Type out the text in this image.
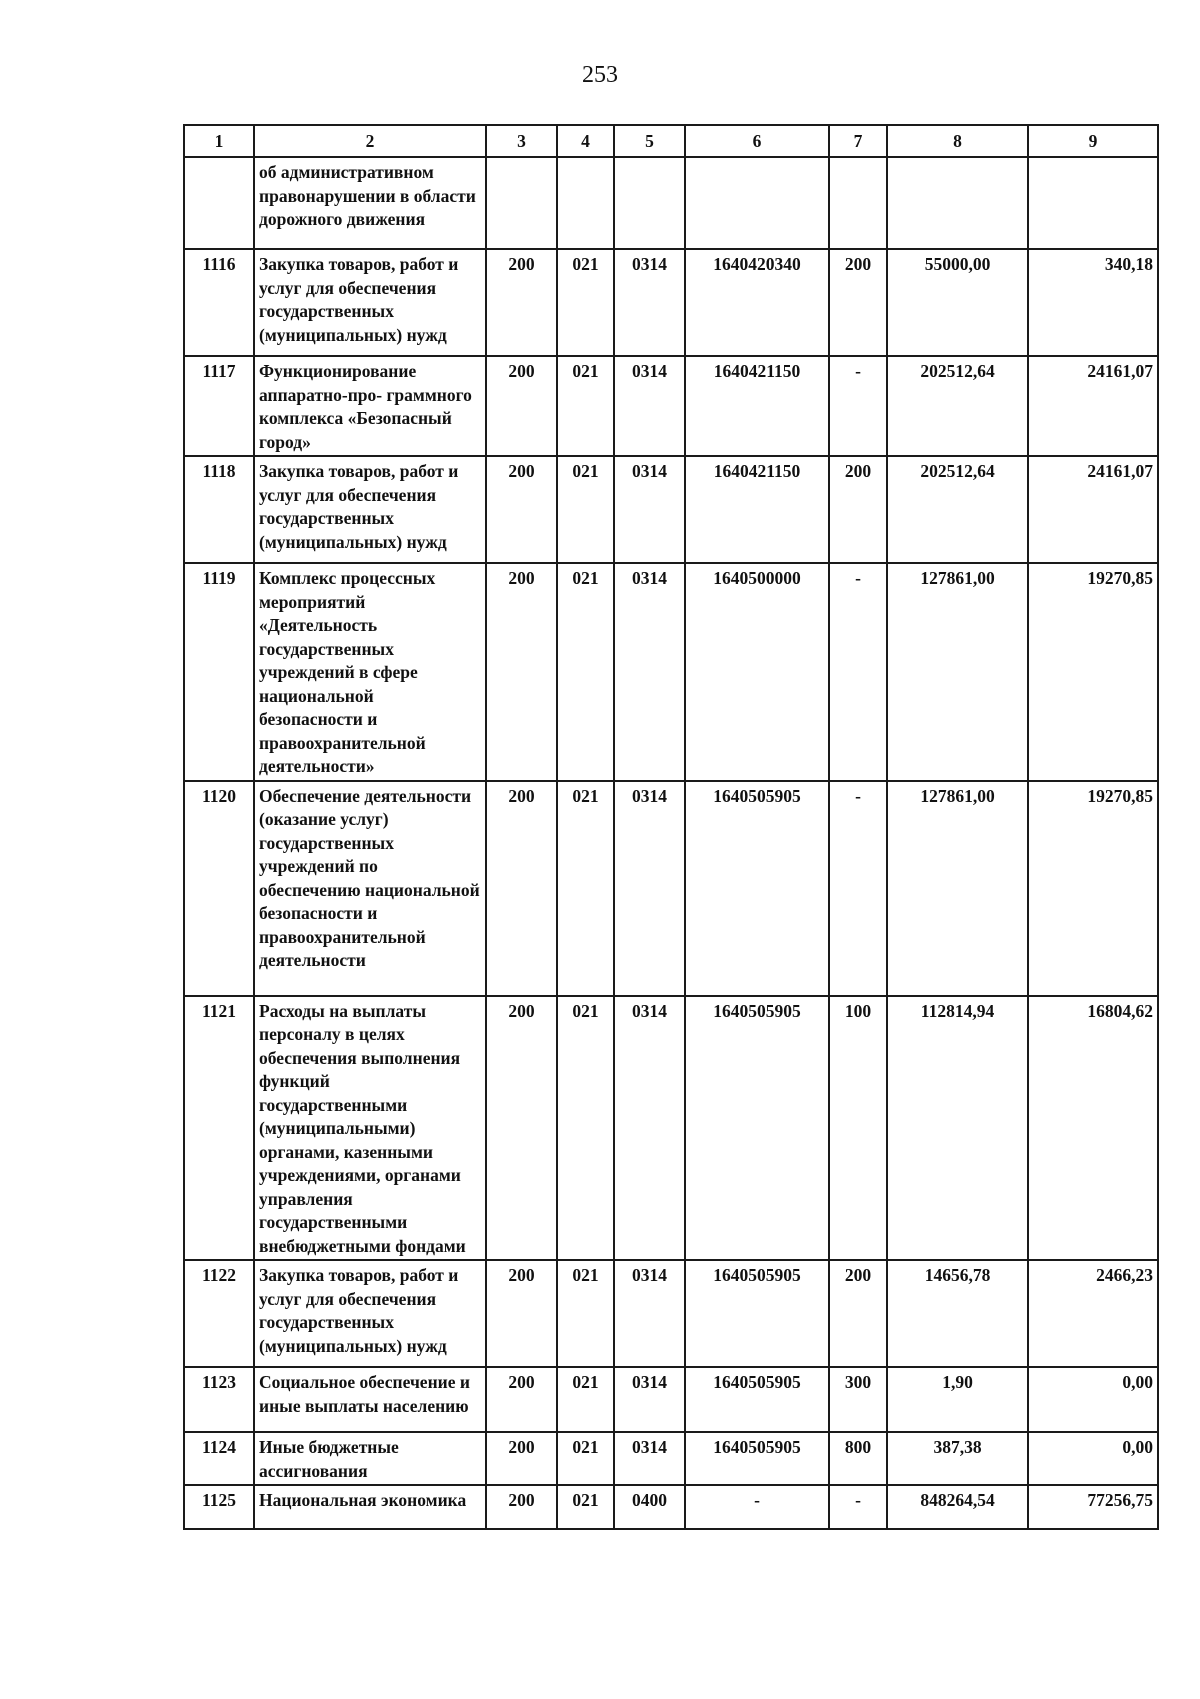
253
1	2	3	4	5	6	7	8	9
	об административном правонарушении в области дорожного движения							
1116	Закупка товаров, работ и услуг для обеспечения государственных (муниципальных) нужд	200	021	0314	1640420340	200	55000,00	340,18
1117	Функционирование аппаратно-про- граммного комплекса «Безопасный город»	200	021	0314	1640421150	-	202512,64	24161,07
1118	Закупка товаров, работ и услуг для обеспечения государственных (муниципальных) нужд	200	021	0314	1640421150	200	202512,64	24161,07
1119	Комплекс процессных мероприятий «Деятельность государственных учреждений в сфере национальной безопасности и правоохранительной деятельности»	200	021	0314	1640500000	-	127861,00	19270,85
1120	Обеспечение деятельности (оказание услуг) государственных учреждений по обеспечению национальной безопасности и правоохранительной деятельности	200	021	0314	1640505905	-	127861,00	19270,85
1121	Расходы на выплаты персоналу в целях обеспечения выполнения функций государственными (муниципальными) органами, казенными учреждениями, органами управления государственными внебюджетными фондами	200	021	0314	1640505905	100	112814,94	16804,62
1122	Закупка товаров, работ и услуг для обеспечения государственных (муниципальных) нужд	200	021	0314	1640505905	200	14656,78	2466,23
1123	Социальное обеспечение и иные выплаты населению	200	021	0314	1640505905	300	1,90	0,00
1124	Иные бюджетные ассигнования	200	021	0314	1640505905	800	387,38	0,00
1125	Национальная экономика	200	021	0400	-	-	848264,54	77256,75
